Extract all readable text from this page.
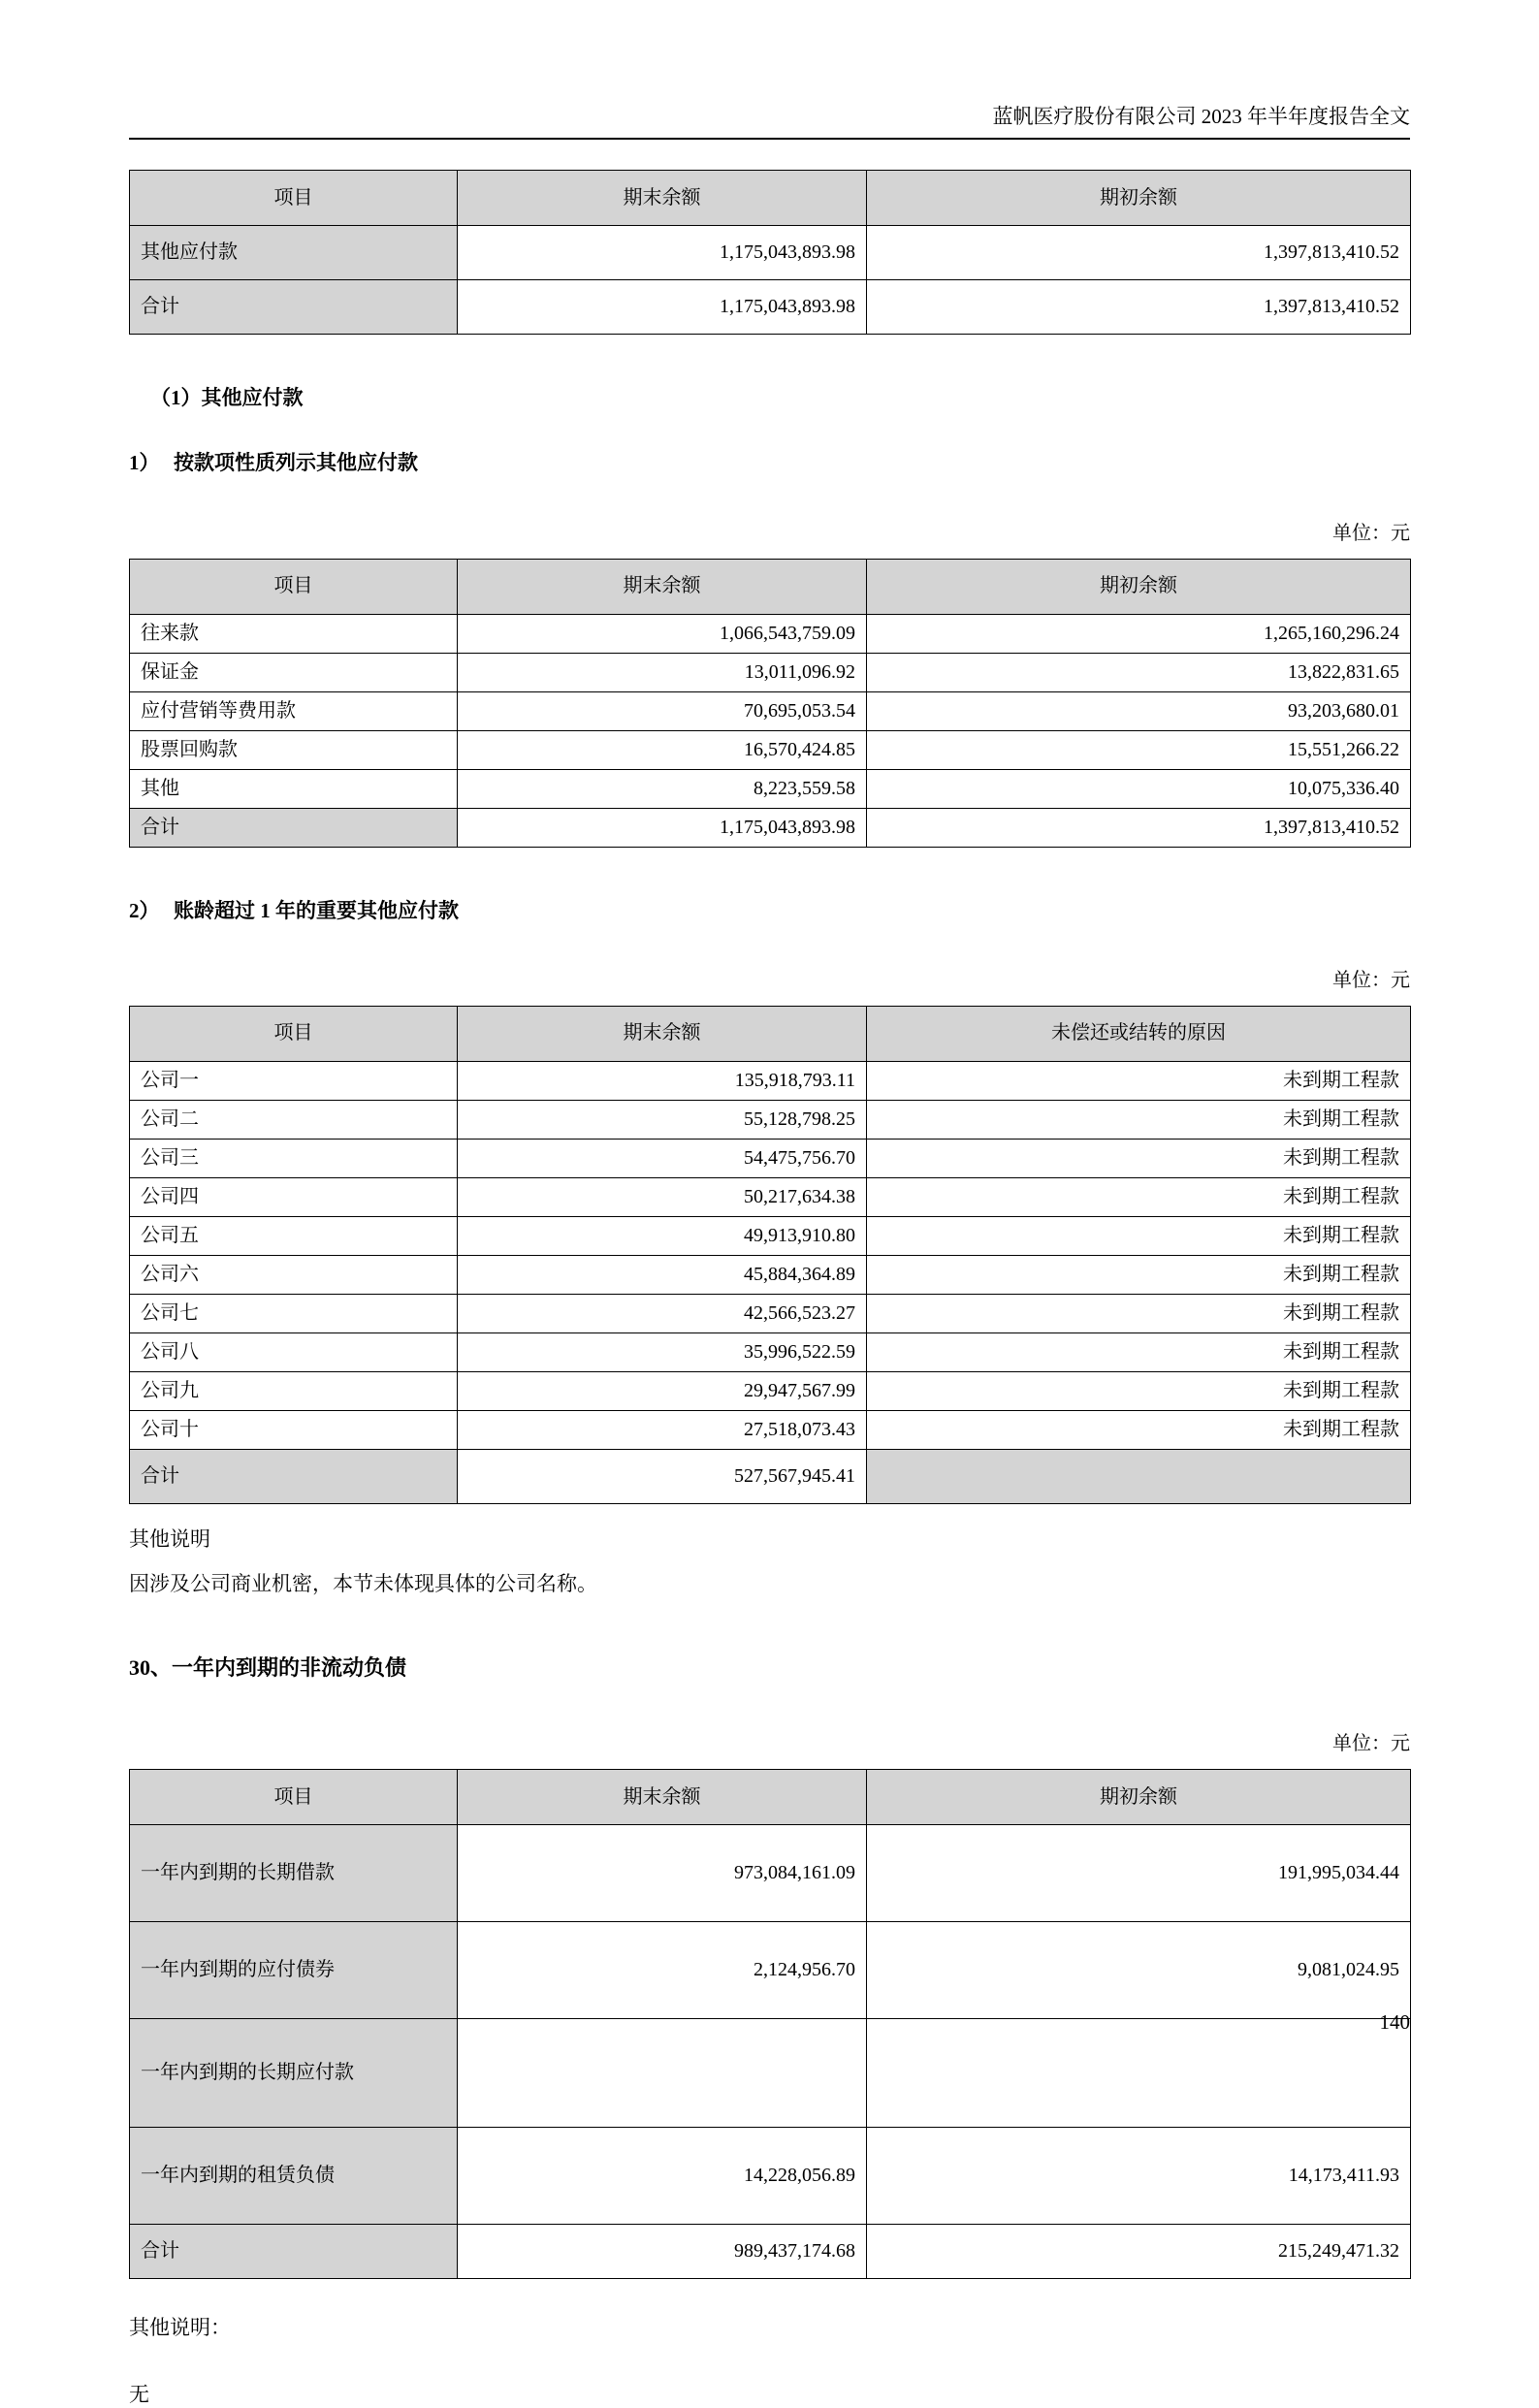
蓝帆医疗股份有限公司 2023 年半年度报告全文
项目	期末余额	期初余额
其他应付款	1,175,043,893.98	1,397,813,410.52
合计	1,175,043,893.98	1,397,813,410.52

（1）其他应付款

1） 按款项性质列示其他应付款

单位：元

项目	期末余额	期初余额
往来款	1,066,543,759.09	1,265,160,296.24
保证金	13,011,096.92	13,822,831.65
应付营销等费用款	70,695,053.54	93,203,680.01
股票回购款	16,570,424.85	15,551,266.22
其他	8,223,559.58	10,075,336.40
合计	1,175,043,893.98	1,397,813,410.52

2） 账龄超过 1 年的重要其他应付款

单位：元

项目	期末余额	未偿还或结转的原因
公司一	135,918,793.11	未到期工程款
公司二	55,128,798.25	未到期工程款
公司三	54,475,756.70	未到期工程款
公司四	50,217,634.38	未到期工程款
公司五	49,913,910.80	未到期工程款
公司六	45,884,364.89	未到期工程款
公司七	42,566,523.27	未到期工程款
公司八	35,996,522.59	未到期工程款
公司九	29,947,567.99	未到期工程款
公司十	27,518,073.43	未到期工程款
合计	527,567,945.41	

其他说明

因涉及公司商业机密，本节未体现具体的公司名称。

30、一年内到期的非流动负债

单位：元

项目	期末余额	期初余额
一年内到期的长期借款	973,084,161.09	191,995,034.44
一年内到期的应付债券	2,124,956.70	9,081,024.95
一年内到期的长期应付款		
一年内到期的租赁负债	14,228,056.89	14,173,411.93
合计	989,437,174.68	215,249,471.32

其他说明：

无

140
